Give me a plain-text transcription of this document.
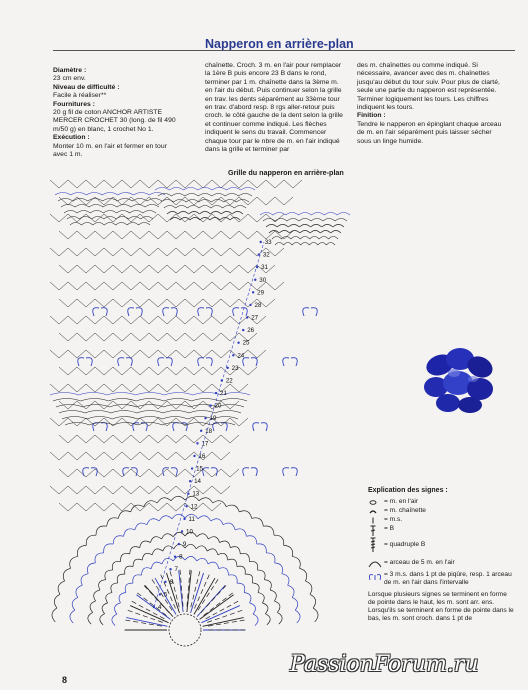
Napperon en arrière-plan
Diamètre :
23 cm env.
Niveau de difficulté :
Facile à réaliser**
Fournitures :
20 g fil de coton ANCHOR ARTISTE MERCER CROCHET 30 (long. de fil 490 m/50 g) en blanc, 1 crochet No 1.
Exécution :
Monter 10 m. en l'air et fermer en tour avec 1 m.
chaînette. Croch. 3 m. en l'air pour remplacer la 1ère B puis encore 23 B dans le rond, terminer par 1 m. chaînette dans la 3ème m. en l'air du début. Puis continuer selon la grille en trav. les dents séparément au 33ème tour en trav. d'abord resp. 8 rgs aller-retour puis croch. le côté gauche de la dent selon la grille et continuer comme indiqué. Les flèches indiquent le sens du travail. Commencer chaque tour par le nbre de m. en l'air indiqué dans la grille et terminer par
des m. chaînettes ou comme indiqué. Si nécessaire, avancer avec des m. chaînettes jusqu'au début du tour suiv. Pour plus de clarté, seule une partie du napperon est représentée. Terminer logiquement les tours. Les chiffres indiquent les tours.
Finition :
Tendre le napperon en épinglant chaque arceau de m. en l'air séparément puis laisser sécher sous un linge humide.
Grille du napperon en arrière-plan
4
5
6
7
8
9
10
11
12
13
14
15
16
17
18
19
20
21
22
23
24
25
26
27
28
29
30
31
32
33
Explication des signes :
= m. en l'air
= m. chaînette
= m.s.
= B
= quadruple B
= arceau de 5 m. en l'air
= 3 m.s. dans 1 pt de piqûre, resp. 1 arceau de m. en l'air dans l'intervalle
Lorsque plusieurs signes se terminent en forme de pointe dans le haut, les m. sont arr. ens. Lorsqu'ils se terminent en forme de pointe dans le bas, les m. sont croch. dans 1 pt de
8
PassionForum.ru
